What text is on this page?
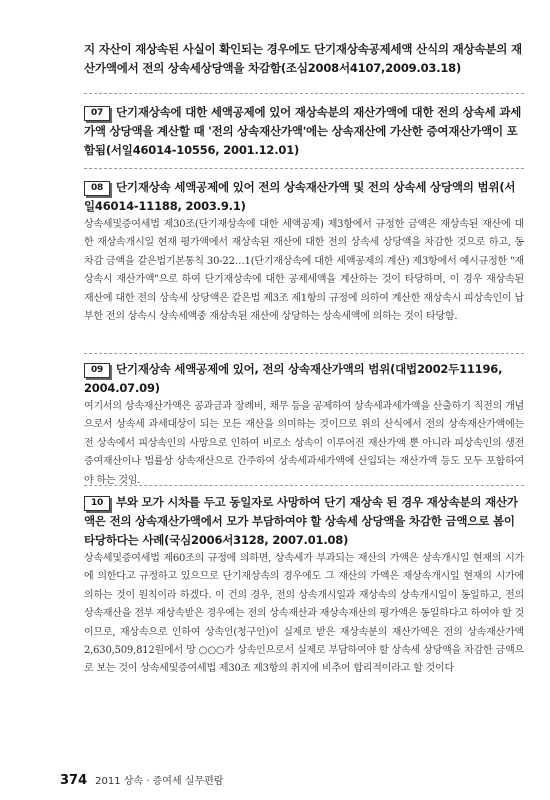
지 자산이 재상속된 사실이 확인되는 경우에도 단기재상속공제세액 산식의 재상속분의 재산가액에서 전의 상속세상당액을 차감함(조심2008서4107,2009.03.18)
07 단기재상속에 대한 세액공제에 있어 재상속분의 재산가액에 대한 전의 상속세 과세가액 상당액을 계산할 때 '전의 상속재산가액'에는 상속재산에 가산한 증여재산가액이 포함됨(서일46014-10556, 2001.12.01)
08 단기재상속 세액공제에 있어 전의 상속재산가액 및 전의 상속세 상당액의 범위(서일46014-11188, 2003.9.1)
상속세및증여세법 제30조(단기재상속에 대한 세액공제) 제3항에서 규정한 금액은 재상속된 재산에 대한 재상속개시일 현재 평가액에서 재상속된 재산에 대한 전의 상속세 상당액을 차감한 것으로 하고, 동 차감 금액을 같은법기본통칙 30-22…1(단기재상속에 대한 세액공제의 계산) 제3항에서 예시규정한 "재상속시 재산가액"으로 하여 단기재상속에 대한 공제세액을 계산하는 것이 타당하며, 이 경우 재상속된 재산에 대한 전의 상속세 상당액은 같은법 제3조 제1항의 규정에 의하여 계산한 재상속시 피상속인이 납부한 전의 상속시 상속세액중 재상속된 재산에 상당하는 상속세액에 의하는 것이 타당함.
09 단기재상속 세액공제에 있어, 전의 상속재산가액의 범위(대법2002두11196, 2004.07.09)
여기서의 상속재산가액은 공과금과 장례비, 채무 등을 공제하여 상속세과세가액을 산출하기 직전의 개념으로서 상속세 과세대상이 되는 모든 재산을 의미하는 것이므로 위의 산식에서 전의 상속재산가액에는 전 상속에서 피상속인의 사망으로 인하여 비로소 상속이 이루어진 재산가액 뿐 아니라 피상속인의 생전 증여재산이나 법률상 상속재산으로 간주하여 상속세과세가액에 산입되는 재산가액 등도 모두 포함하여야 하는 것임.
10 부와 모가 시차를 두고 동일자로 사망하여 단기 재상속 된 경우 재상속분의 재산가액은 전의 상속재산가액에서 모가 부담하여야 할 상속세 상당액을 차감한 금액으로 봄이 타당하다는 사례(국심2006서3128, 2007.01.08)
상속세및증여세법 제60조의 규정에 의하면, 상속세가 부과되는 재산의 가액은 상속개시일 현재의 시가에 의한다고 규정하고 있으므로 단기재상속의 경우에도 그 재산의 가액은 재상속개시일 현재의 시가에 의하는 것이 원칙이라 하겠다. 이 건의 경우, 전의 상속개시일과 재상속의 상속개시일이 동일하고, 전의 상속재산을 전부 재상속받은 경우에는 전의 상속재산과 재상속재산의 평가액은 동일하다고 하여야 할 것이므로, 재상속으로 인하여 상속인(청구인)이 실제로 받은 재상속분의 재산가액은 전의 상속재산가액 2,630,509,812원에서 망 ○○○가 상속인으로서 실제로 부담하여야 할 상속세 상당액을 차감한 금액으로 보는 것이 상속세및증여세법 제30조 제3항의 취지에 비추어 합리적이라고 할 것이다
374 2011 상속 · 증여세 실무편람
